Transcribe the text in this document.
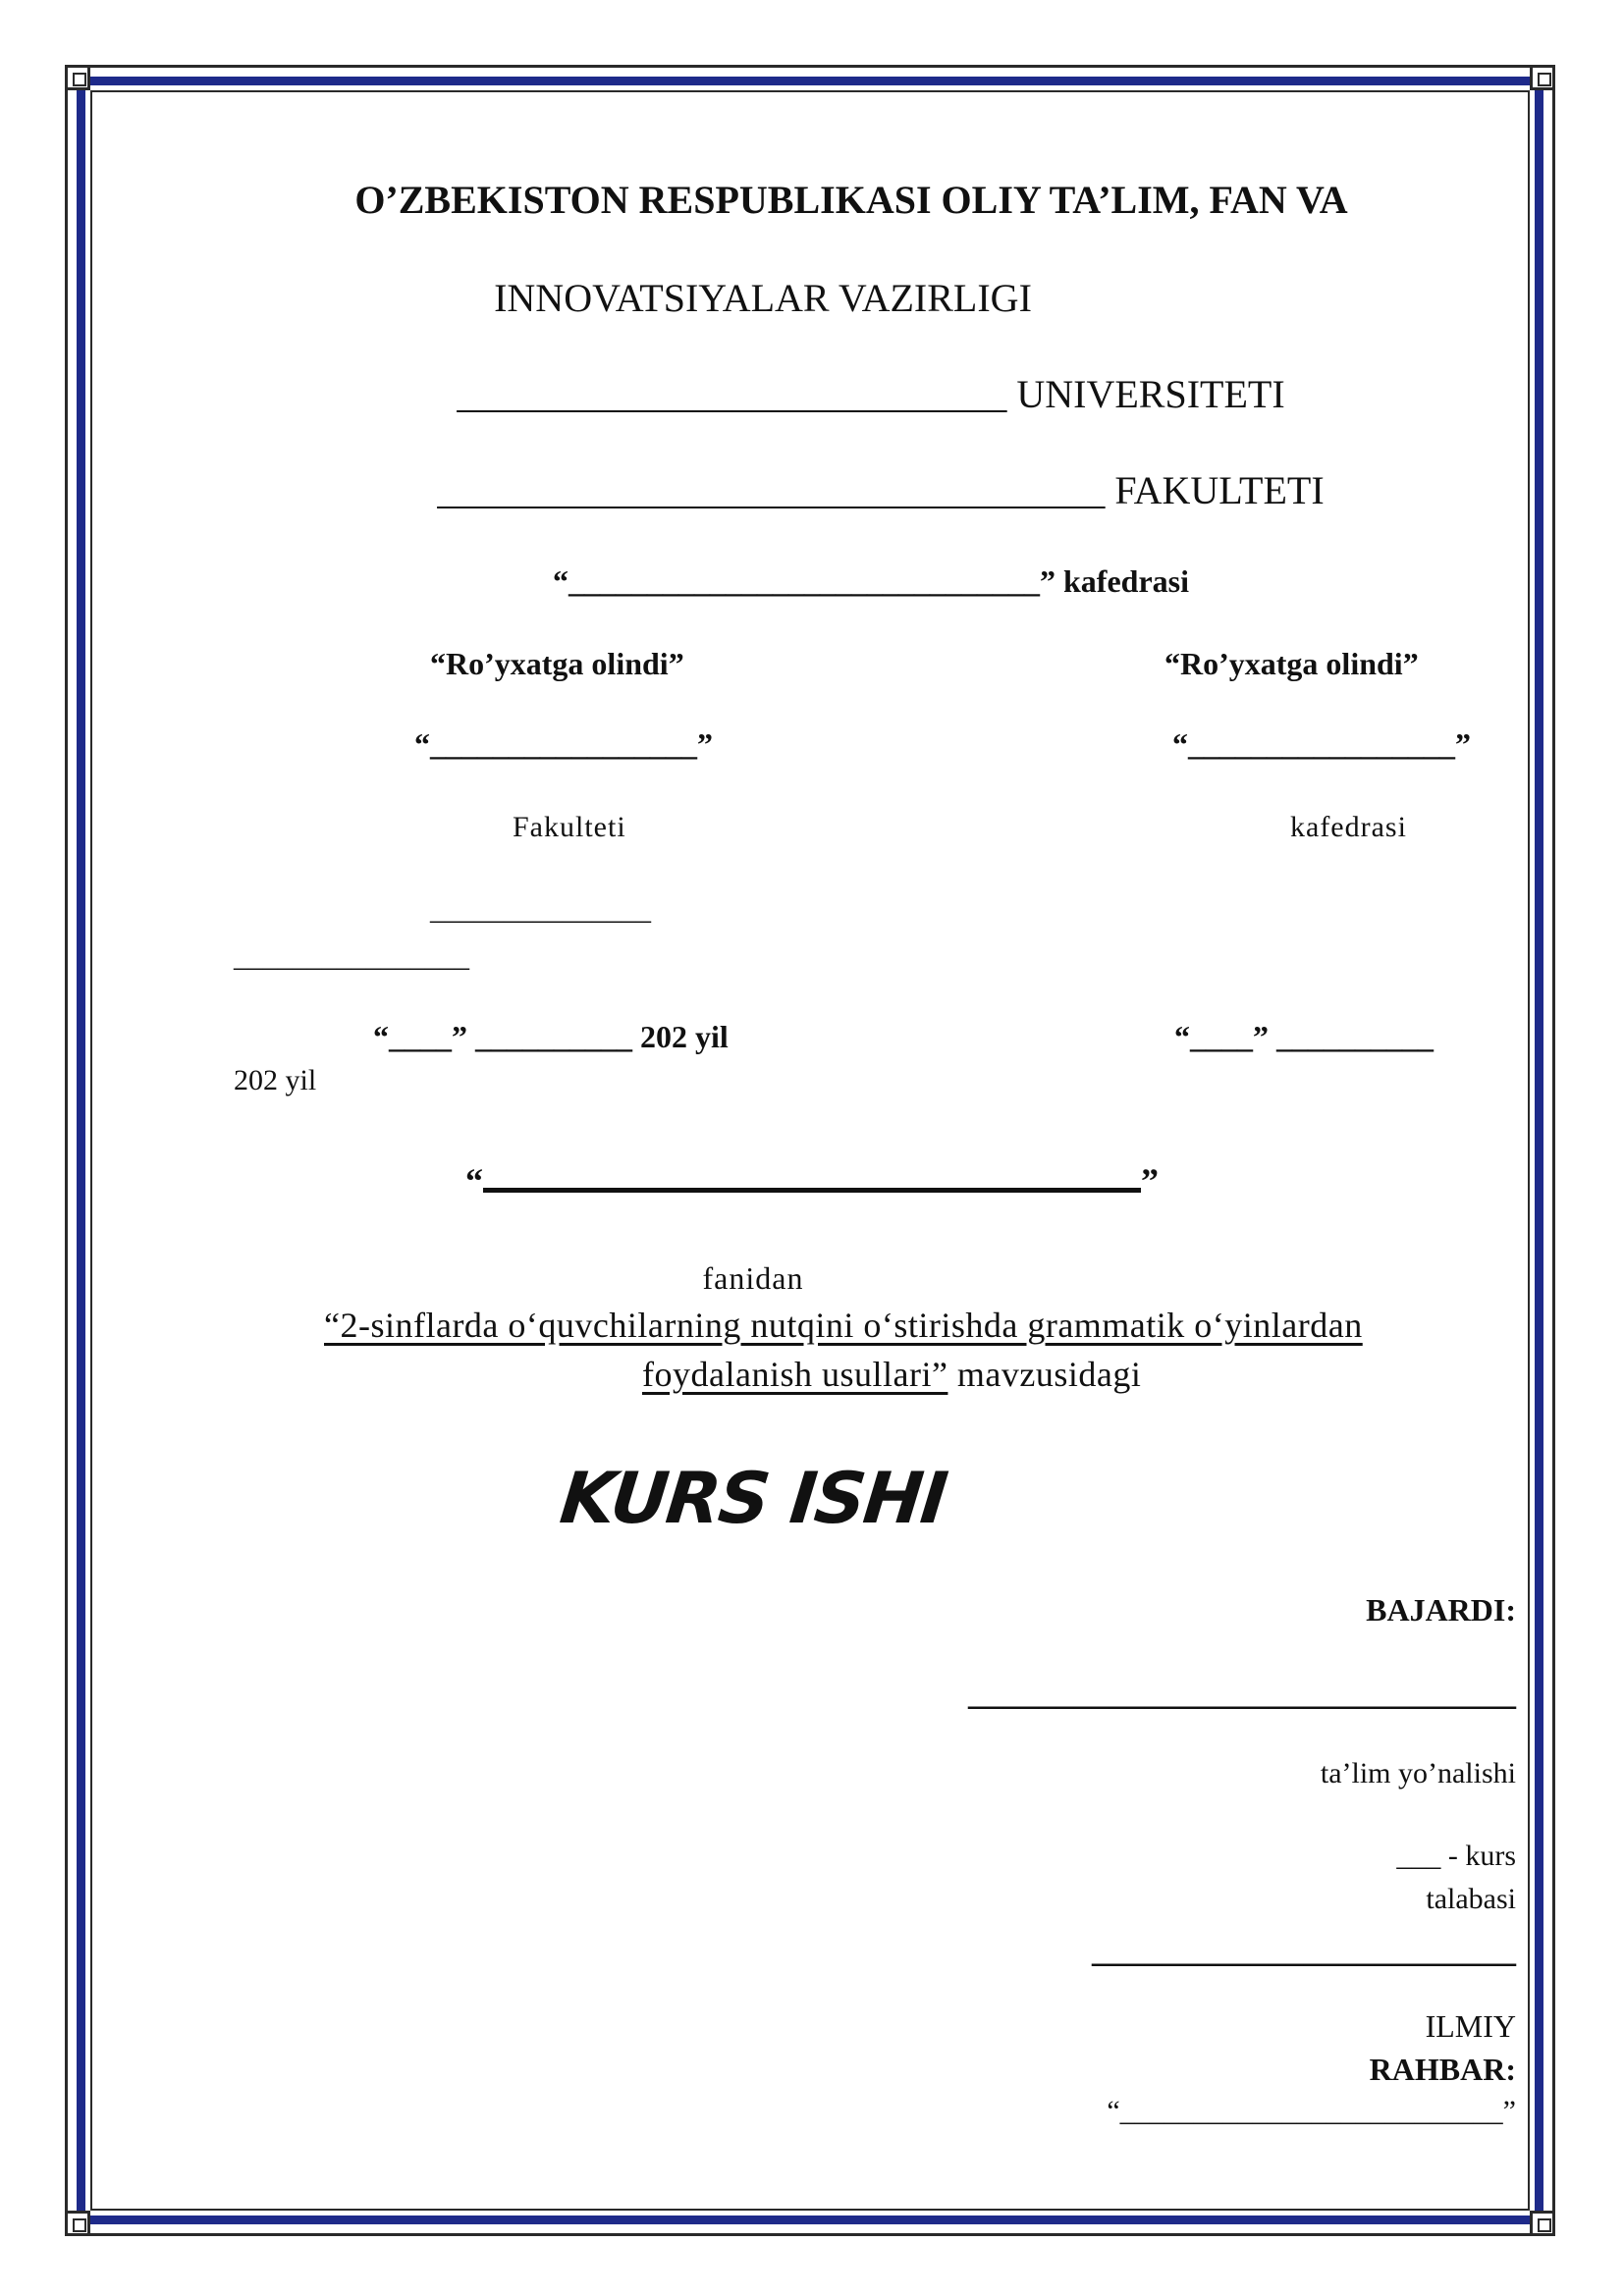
O’ZBEKISTON RESPUBLIKASI OLIY TA’LIM, FAN VA
INNOVATSIYALAR VAZIRLIGI
____________________________ UNIVERSITETI
__________________________________ FAKULTETI
“______________________________” kafedrasi
“Ro’yxatga olindi”	“Ro’yxatga olindi”
“_________________”	“_________________”
Fakulteti	kafedrasi
_______________
________________
“____” __________ 202 yil	“____” __________
202 yil
“	”
fanidan
“2-sinflarda o‘quvchilarning nutqini o‘stirishda grammatik o‘yinlardan
foydalanish usullari” mavzusidagi
KURS ISHI
BAJARDI:
_______________________________
ta’lim yo’nalishi
___ - kurs
talabasi
________________________
ILMIY
RAHBAR:
“__________________________”
